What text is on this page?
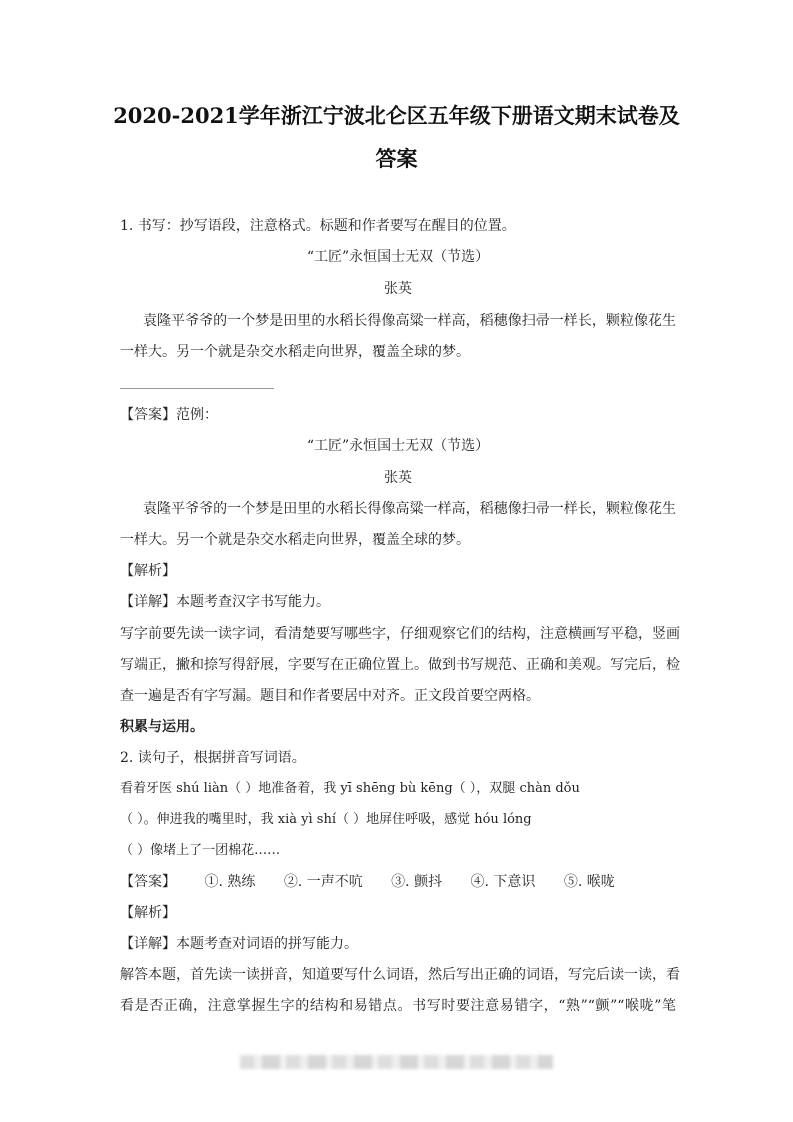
2020-2021学年浙江宁波北仑区五年级下册语文期末试卷及
答案
1. 书写：抄写语段，注意格式。标题和作者要写在醒目的位置。
“工匠”永恒国士无双（节选）
张英
袁隆平爷爷的一个梦是田里的水稻长得像高粱一样高，稻穗像扫帚一样长，颗粒像花生
一样大。另一个就是杂交水稻走向世界，覆盖全球的梦。
【答案】范例：
“工匠”永恒国士无双（节选）
张英
袁隆平爷爷的一个梦是田里的水稻长得像高粱一样高，稻穗像扫帚一样长，颗粒像花生
一样大。另一个就是杂交水稻走向世界，覆盖全球的梦。
【解析】
【详解】本题考查汉字书写能力。
写字前要先读一读字词，看清楚要写哪些字，仔细观察它们的结构，注意横画写平稳，竖画
写端正，撇和捺写得舒展，字要写在正确位置上。做到书写规范、正确和美观。写完后，检
查一遍是否有字写漏。题目和作者要居中对齐。正文段首要空两格。
积累与运用。
2. 读句子，根据拼音写词语。
看着牙医 shú liàn（ ）地准备着，我 yī shēng bù kēng（ ），双腿 chàn dǒu
（ ）。伸进我的嘴里时，我 xià yì shí（ ）地屏住呼吸，感觉 hóu lóng
（ ）像堵上了一团棉花……
【答案】 ①. 熟练 ②. 一声不吭 ③. 颤抖 ④. 下意识 ⑤. 喉咙
【解析】
【详解】本题考查对词语的拼写能力。
解答本题，首先读一读拼音，知道要写什么词语，然后写出正确的词语，写完后读一读，看
看是否正确，注意掌握生字的结构和易错点。书写时要注意易错字，“熟”“颤”“喉咙”笔
